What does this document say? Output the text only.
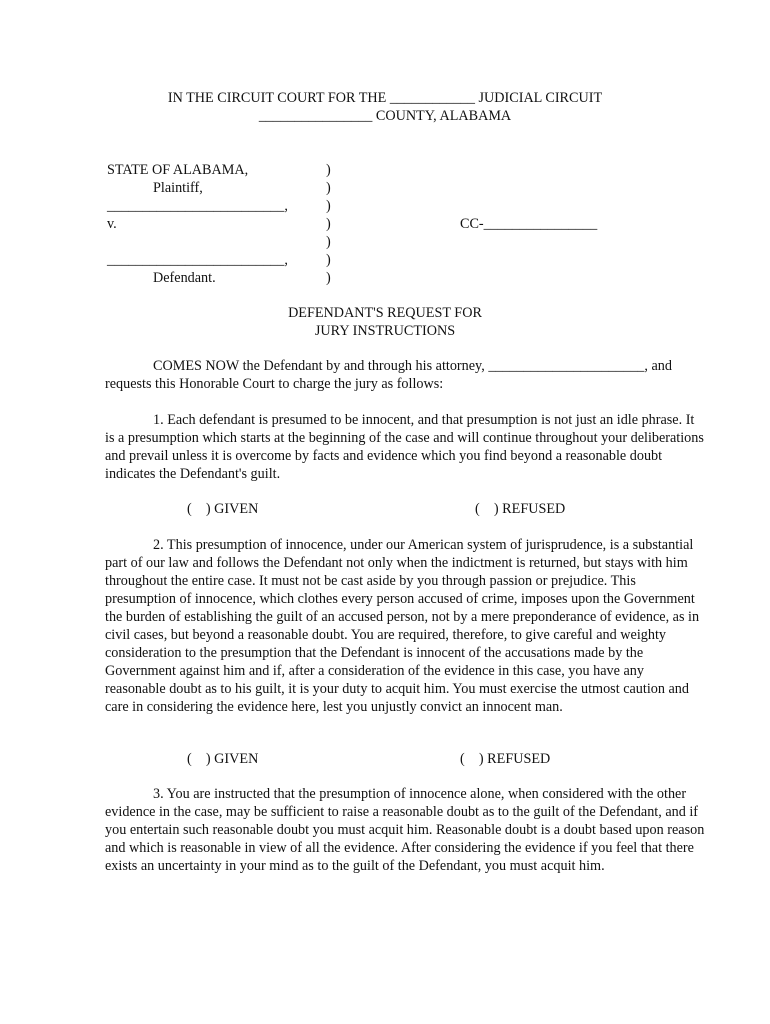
IN THE CIRCUIT COURT FOR THE ____________ JUDICIAL CIRCUIT
________________ COUNTY, ALABAMA
STATE OF ALABAMA,
Plaintiff,
_________________________,
v.
_________________________,
Defendant.
)
)
)
)
)
)
)
CC-________________
DEFENDANT'S REQUEST FOR
JURY INSTRUCTIONS
COMES NOW the Defendant by and through his attorney, ______________________, and requests this Honorable Court to charge the jury as follows:
1. Each defendant is presumed to be innocent, and that presumption is not just an idle phrase. It is a presumption which starts at the beginning of the case and will continue throughout your deliberations and prevail unless it is overcome by facts and evidence which you find beyond a reasonable doubt indicates the Defendant's guilt.
(    ) GIVEN	(    ) REFUSED
2. This presumption of innocence, under our American system of jurisprudence, is a substantial part of our law and follows the Defendant not only when the indictment is returned, but stays with him throughout the entire case. It must not be cast aside by you through passion or prejudice. This presumption of innocence, which clothes every person accused of crime, imposes upon the Government the burden of establishing the guilt of an accused person, not by a mere preponderance of evidence, as in civil cases, but beyond a reasonable doubt. You are required, therefore, to give careful and weighty consideration to the presumption that the Defendant is innocent of the accusations made by the Government against him and if, after a consideration of the evidence in this case, you have any reasonable doubt as to his guilt, it is your duty to acquit him. You must exercise the utmost caution and care in considering the evidence here, lest you unjustly convict an innocent man.
(    ) GIVEN	(    ) REFUSED
3. You are instructed that the presumption of innocence alone, when considered with the other evidence in the case, may be sufficient to raise a reasonable doubt as to the guilt of the Defendant, and if you entertain such reasonable doubt you must acquit him. Reasonable doubt is a doubt based upon reason and which is reasonable in view of all the evidence. After considering the evidence if you feel that there exists an uncertainty in your mind as to the guilt of the Defendant, you must acquit him.
